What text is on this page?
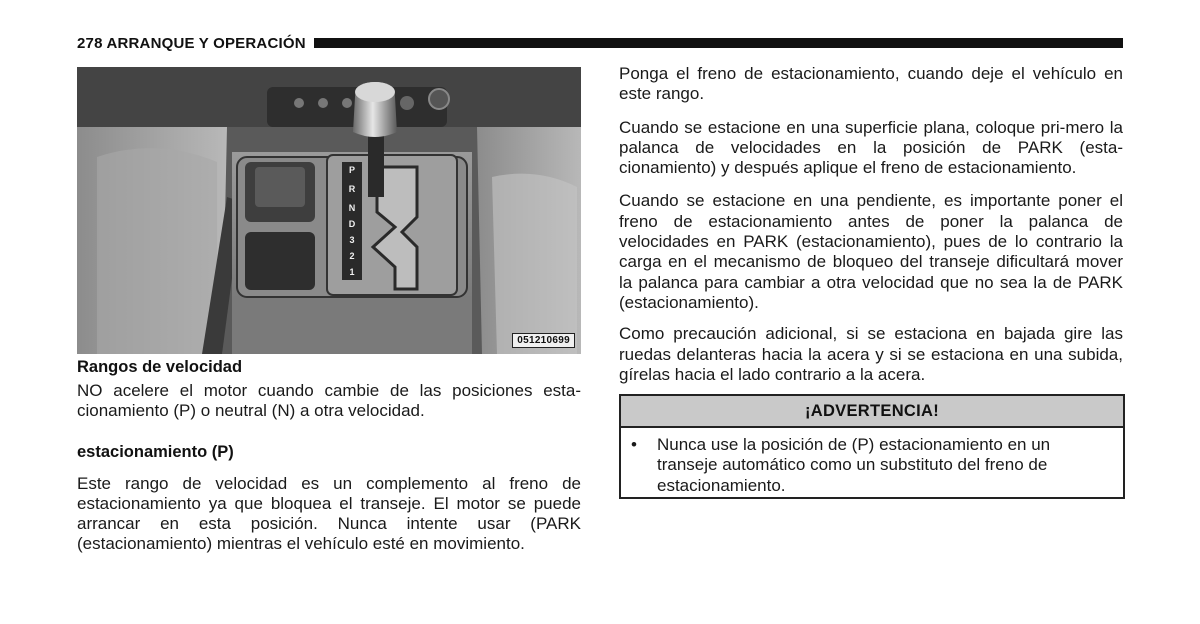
278 ARRANQUE Y OPERACIÓN
P
R
N
D
3
2
1
051210699
Rangos de velocidad

NO acelere el motor cuando cambie de las posiciones esta-cionamiento (P) o neutral (N) a otra velocidad.

estacionamiento (P)

Este rango de velocidad es un complemento al freno de estacionamiento ya que bloquea el transeje. El motor se puede arrancar en esta posición. Nunca intente usar (PARK (estacionamiento) mientras el vehículo esté en movimiento.

Ponga el freno de estacionamiento, cuando deje el vehículo en este rango.

Cuando se estacione en una superficie plana, coloque pri-mero la palanca de velocidades en la posición de PARK (esta-cionamiento) y después aplique el freno de estacionamiento.

Cuando se estacione en una pendiente, es importante poner el freno de estacionamiento antes de poner la palanca de velocidades en PARK (estacionamiento), pues de lo contrario la carga en el mecanismo de bloqueo del transeje dificultará mover la palanca para cambiar a otra velocidad que no sea la de PARK (estacionamiento).

Como precaución adicional, si se estaciona en bajada gire las ruedas delanteras hacia la acera y si se estaciona en una subida, gírelas hacia el lado contrario a la acera.

¡ADVERTENCIA!
•	Nunca use la posición de (P) estacionamiento en un transeje automático como un substituto del freno de estacionamiento.
